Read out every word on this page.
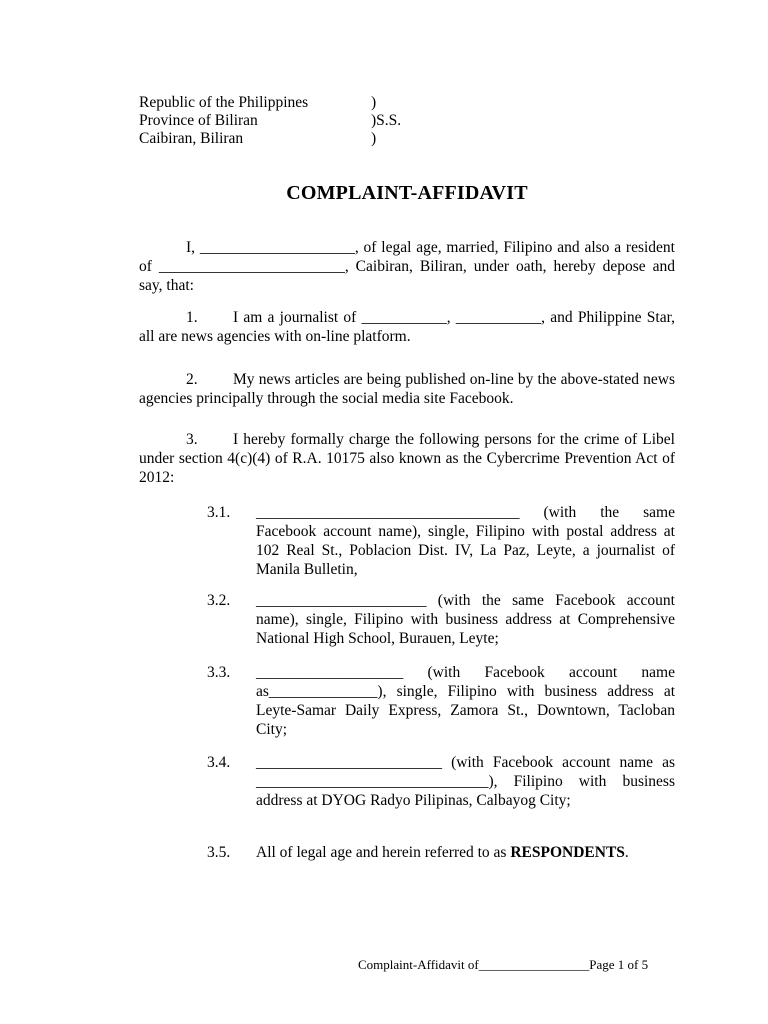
Republic of the Philippines	)
Province of Biliran	)S.S.
Caibiran, Biliran	)
COMPLAINT-AFFIDAVIT
I, ____________________, of legal age, married, Filipino and also a resident of ________________________, Caibiran, Biliran, under oath, hereby depose and say, that:
1. I am a journalist of ___________, ___________, and Philippine Star, all are news agencies with on-line platform.
2. My news articles are being published on-line by the above-stated news agencies principally through the social media site Facebook.
3. I hereby formally charge the following persons for the crime of Libel under section 4(c)(4) of R.A. 10175 also known as the Cybercrime Prevention Act of 2012:
3.1. __________________________________ (with the same Facebook account name), single, Filipino with postal address at 102 Real St., Poblacion Dist. IV, La Paz, Leyte, a journalist of Manila Bulletin,
3.2. ______________________ (with the same Facebook account name), single, Filipino with business address at Comprehensive National High School, Burauen, Leyte;
3.3. ___________________ (with Facebook account name as______________), single, Filipino with business address at Leyte-Samar Daily Express, Zamora St., Downtown, Tacloban City;
3.4. ________________________ (with Facebook account name as ______________________________), Filipino with business address at DYOG Radyo Pilipinas, Calbayog City;
3.5. All of legal age and herein referred to as RESPONDENTS.
Complaint-Affidavit of_________________Page 1 of 5
